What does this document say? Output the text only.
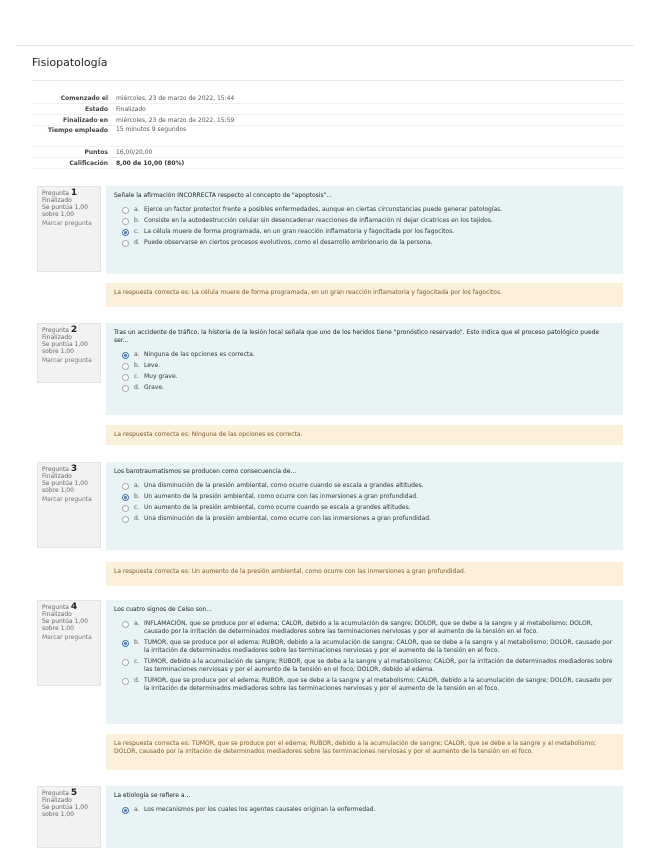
Fisiopatología
Comenzado el	miércoles, 23 de marzo de 2022, 15:44
Estado	Finalizado
Finalizado en	miércoles, 23 de marzo de 2022, 15:59
Tiempo empleado	15 minutos 9 segundos
Puntos	16,00/20,00
Calificación	8,00 de 10,00 (80%)
Pregunta 1
Finalizado
Se puntúa 1,00 sobre 1,00
Marcar pregunta
Señale la afirmación INCORRECTA respecto al concepto de "apoptosis"...
a. Ejerce un factor protector frente a posibles enfermedades, aunque en ciertas circunstancias puede generar patologías.
b. Consiste en la autodestrucción celular sin desencadenar reacciones de inflamación ni dejar cicatrices en los tejidos.
c. La célula muere de forma programada, en un gran reacción inflamatoria y fagocitada por los fagocitos.
d. Puede observarse en ciertos procesos evolutivos, como el desarrollo embrionario de la persona.
La respuesta correcta es: La célula muere de forma programada, en un gran reacción inflamatoria y fagocitada por los fagocitos.
Pregunta 2
Finalizado
Se puntúa 1,00 sobre 1,00
Marcar pregunta
Tras un accidente de tráfico, la historia de la lesión local señala que uno de los heridos tiene "pronóstico reservado". Esto indica que el proceso patológico puede ser...
a. Ninguna de las opciones es correcta.
b. Leve.
c. Muy grave.
d. Grave.
La respuesta correcta es: Ninguna de las opciones es correcta.
Pregunta 3
Finalizado
Se puntúa 1,00 sobre 1,00
Marcar pregunta
Los barotraumatismos se producen como consecuencia de...
a. Una disminución de la presión ambiental, como ocurre cuando se escala a grandes altitudes.
b. Un aumento de la presión ambiental, como ocurre con las inmersiones a gran profundidad.
c. Un aumento de la presión ambiental, como ocurre cuando se escala a grandes altitudes.
d. Una disminución de la presión ambiental, como ocurre con las inmersiones a gran profundidad.
La respuesta correcta es: Un aumento de la presión ambiental, como ocurre con las inmersiones a gran profundidad.
Pregunta 4
Finalizado
Se puntúa 1,00 sobre 1,00
Marcar pregunta
Los cuatro signos de Celso son...
a. INFLAMACIÓN, que se produce por el edema; CALOR, debido a la acumulación de sangre; DOLOR, que se debe a la sangre y al metabolismo; DOLOR, causado por la irritación de determinados mediadores sobre las terminaciones nerviosas y por el aumento de la tensión en el foco.
b. TUMOR, que se produce por el edema; RUBOR, debido a la acumulación de sangre; CALOR, que se debe a la sangre y al metabolismo; DOLOR, causado por la irritación de determinados mediadores sobre las terminaciones nerviosas y por el aumento de la tensión en el foco.
c. TUMOR, debido a la acumulación de sangre; RUBOR, que se debe a la sangre y al metabolismo; CALOR, por la irritación de determinados mediadores sobre las terminaciones nerviosas y por el aumento de la tensión en el foco; DOLOR, debido al edema.
d. TUMOR, que se produce por el edema; RUBOR, que se debe a la sangre y al metabolismo; CALOR, debido a la acumulación de sangre; DOLOR, causado por la irritación de determinados mediadores sobre las terminaciones nerviosas y por el aumento de la tensión en el foco.
La respuesta correcta es: TUMOR, que se produce por el edema; RUBOR, debido a la acumulación de sangre; CALOR, que se debe a la sangre y al metabolismo; DOLOR, causado por la irritación de determinados mediadores sobre las terminaciones nerviosas y por el aumento de la tensión en el foco.
Pregunta 5
Finalizado
Se puntúa 1,00 sobre 1,00
La etiología se refiere a...
a. Los mecanismos por los cuales los agentes causales originan la enfermedad.
